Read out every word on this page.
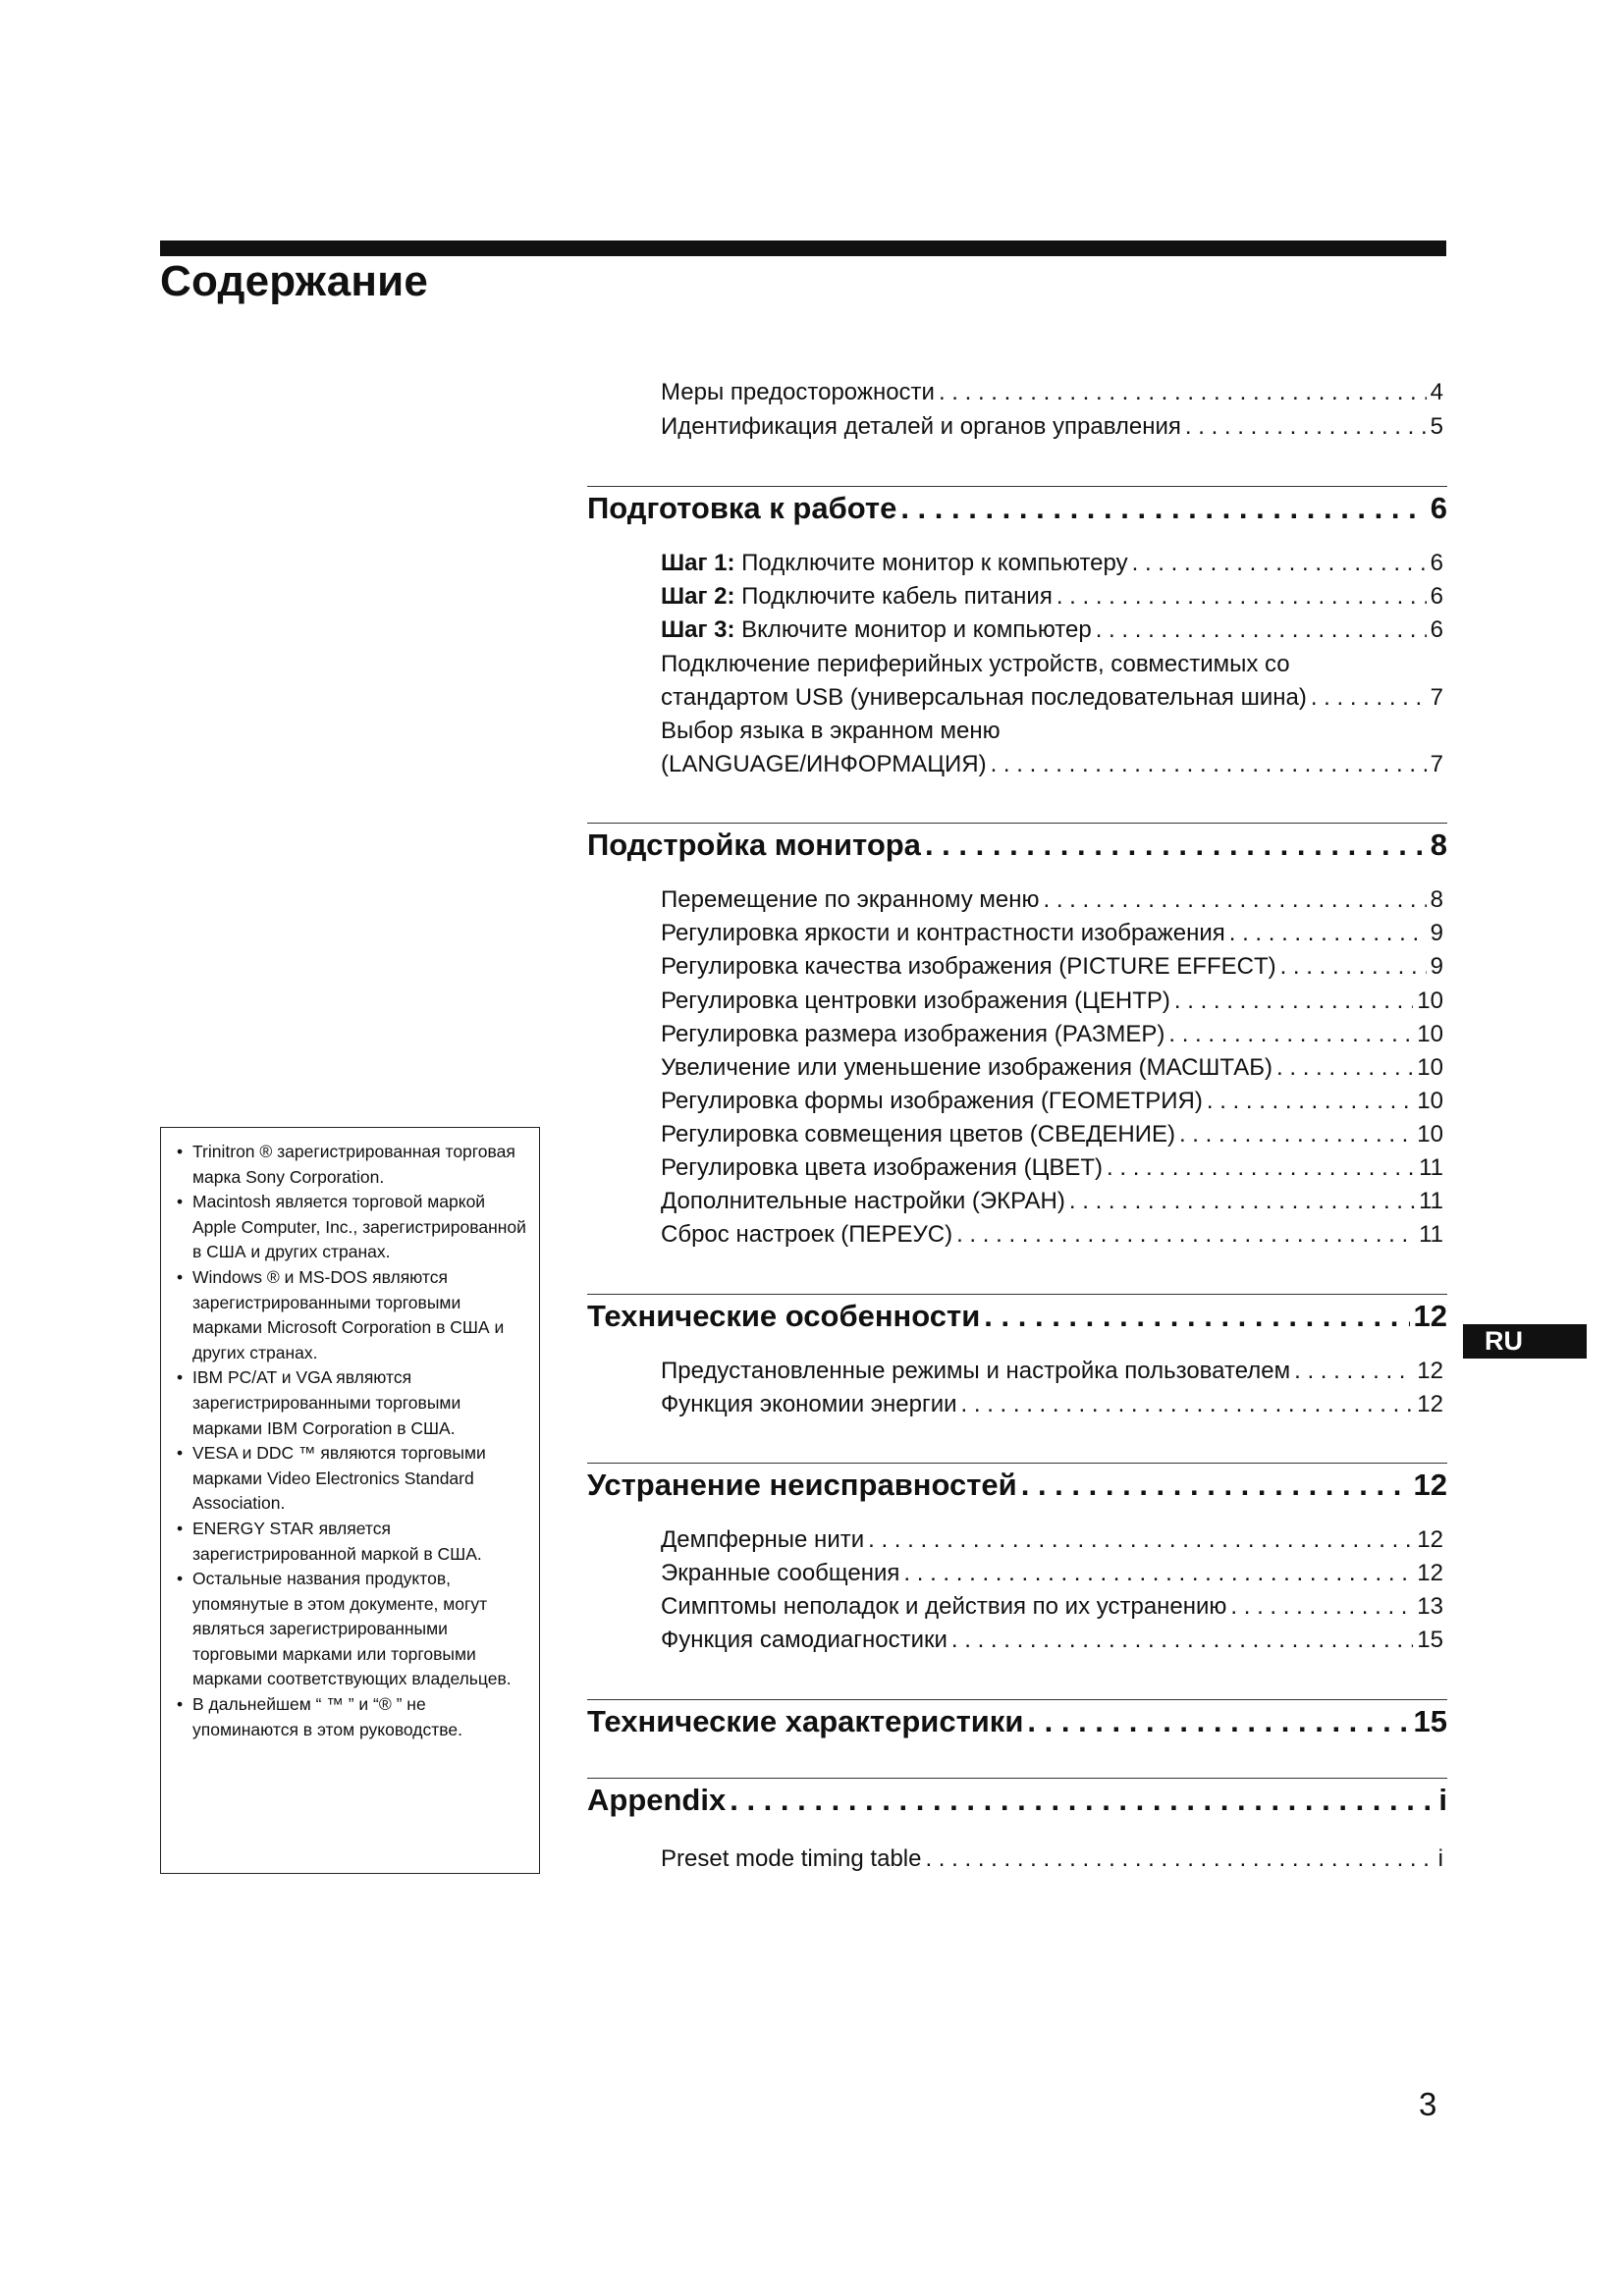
Содержание
Меры предосторожности . . .	4
Идентификация деталей и органов управления . . .	5
Подготовка к работе . . .	6
Шаг 1: Подключите монитор к компьютеру . . .	6
Шаг 2: Подключите кабель питания . . .	6
Шаг 3: Включите монитор и компьютер . . .	6
Подключение периферийных устройств, совместимых со
стандартом USB (универсальная последовательная шина) . . .	7
Выбор языка в экранном меню
(LANGUAGE/ИНФОРМАЦИЯ) . . .	7
Подстройка монитора . . .	8
Перемещение по экранному меню . . .	8
Регулировка яркости и контрастности изображения . . .	9
Регулировка качества изображения (PICTURE EFFECT) . . .	9
Регулировка центровки изображения (ЦЕНТР) . . .	10
Регулировка размера изображения (РАЗМЕР) . . .	10
Увеличение или уменьшение изображения (МАСШТАБ) . . .	10
Регулировка формы изображения (ГЕОМЕТРИЯ) . . .	10
Регулировка совмещения цветов (СВЕДЕНИЕ) . . .	10
Регулировка цвета изображения (ЦВЕТ) . . .	11
Дополнительные настройки (ЭКРАН) . . .	11
Сброс настроек (ПЕРЕУС) . . .	11
Технические особенности . . .	12
Предустановленные режимы и настройка пользователем . . .	12
Функция экономии энергии . . .	12
Устранение неисправностей . . .	12
Демпферные нити . . .	12
Экранные сообщения . . .	12
Симптомы неполадок и действия по их устранению . . .	13
Функция самодиагностики . . .	15
Технические характеристики . . .	15
Appendix . . .	i
Preset mode timing table . . .	i
• Trinitron ® зарегистрированная торговая марка Sony Corporation.
• Macintosh является торговой маркой Apple Computer, Inc., зарегистрированной в США и других странах.
• Windows ® и MS-DOS являются зарегистрированными торговыми марками Microsoft Corporation в США и других странах.
• IBM PC/AT и VGA являются зарегистрированными торговыми марками IBM Corporation в США.
• VESA и DDC ™ являются торговыми марками Video Electronics Standard Association.
• ENERGY STAR является зарегистрированной маркой в США.
• Остальные названия продуктов, упомянутые в этом документе, могут являться зарегистрированными торговыми марками или торговыми марками соответствующих владельцев.
• В дальнейшем “ ™ ” и “® ” не упоминаются в этом руководстве.
RU
3
